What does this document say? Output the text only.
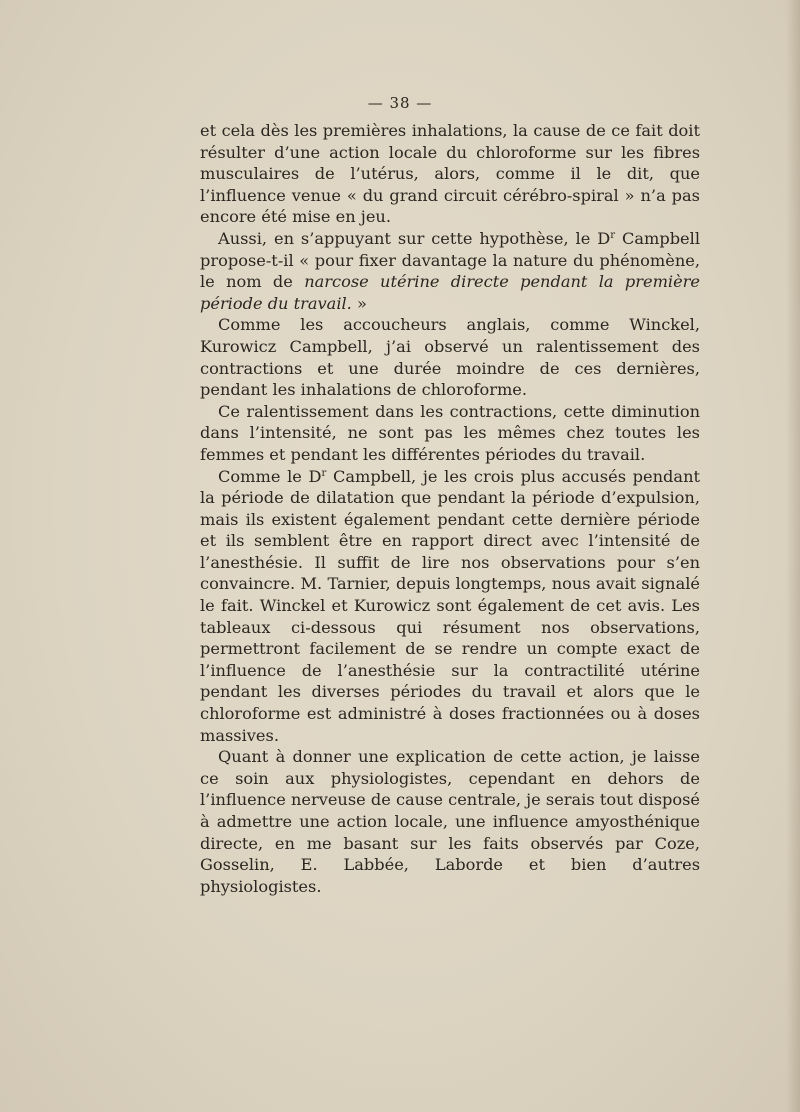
— 38 —

et cela dès les premières inhalations, la cause de ce fait doit résulter d’une action locale du chloroforme sur les fibres musculaires de l’utérus, alors, comme il le dit, que l’influence venue « du grand circuit cérébro-spiral » n’a pas encore été mise en jeu.

Aussi, en s’appuyant sur cette hypothèse, le $D^r$ Campbell propose-t-il « pour fixer davantage la nature du phénomène, le nom de narcose utérine directe pendant la première période du travail. »

Comme les accoucheurs anglais, comme Winckel, Kurowicz Campbell, j’ai observé un ralentissement des contractions et une durée moindre de ces dernières, pendant les inhalations de chloroforme.

Ce ralentissement dans les contractions, cette diminution dans l’intensité, ne sont pas les mêmes chez toutes les femmes et pendant les différentes périodes du travail.

Comme le $D^r$ Campbell, je les crois plus accusés pendant la période de dilatation que pendant la période d’expulsion, mais ils existent également pendant cette dernière période et ils semblent être en rapport direct avec l’intensité de l’anesthésie. Il suffit de lire nos observations pour s’en convaincre. M. Tarnier, depuis longtemps, nous avait signalé le fait. Winckel et Kurowicz sont également de cet avis. Les tableaux ci-dessous qui résument nos observations, permettront facilement de se rendre un compte exact de l’influence de l’anesthésie sur la contractilité utérine pendant les diverses périodes du travail et alors que le chloroforme est administré à doses fractionnées ou à doses massives.

Quant à donner une explication de cette action, je laisse ce soin aux physiologistes, cependant en dehors de l’influence nerveuse de cause centrale, je serais tout disposé à admettre une action locale, une influence amyosthénique directe, en me basant sur les faits observés par Coze, Gosselin, E. Labbée, Laborde et bien d’autres physiologistes.
